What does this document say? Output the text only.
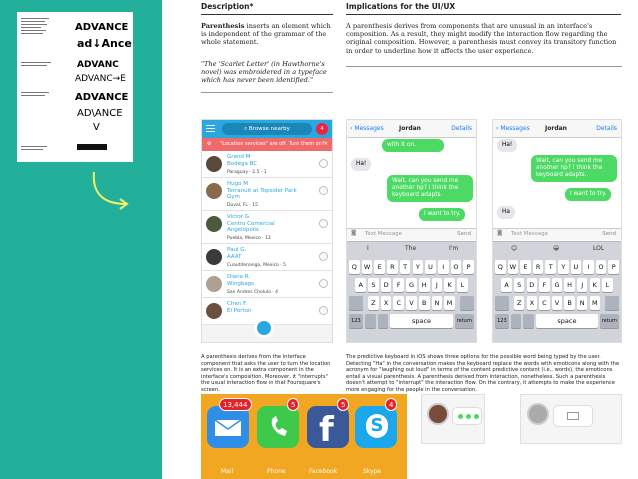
ADVANCE
ad↓Ance
ADVANC
ADVANC→E
ADVANCE
AD\ANCE
V
Description*	Implications for the UI/UX
Parenthesis inserts an element which is independent of the grammar of the whole statement.
"The 'Scarlet Letter' (in Hawthorne's novel) was embroidered in a typeface which has never been identified."
A parenthesis derives from components that are unusual in an interface's composition. As a result, they might modify the interaction flow regarding the original composition. However, a parenthesis must convey its transitory function in order to underline how it affects the user experience.
⌕ Browse nearby	4
⚙ "Location services" are off. Turn them on? ✕
Grand M
Bodega BC
Paraguay · 2.5 · 1
♡
Hugo M
Terranuit at Topsider Park
Gym
Duval, FL · 15
♡
Victor G.
Centro Comercial
Angelopolis
Puebla, Mexico · 13
♡
Paul G.
AAAT
Cuautitenango, Mexico · 5
♡
Diana R.
Wingbags
San Andres Cholula · 4
♡
Chen F.
El Porton	♡
‹ Messages	Jordan	Details
with it on.
Ha!
Wait, can you send me another hp? I think the keyboard adapts.
I want to try.
◙ Text Message	Send
I	The	I'm
Q	W	E	R	T	Y	U	I	O	P
A	S	D	F	G	H	J	K	L
Z	X	C	V	B	N	M
123	space	return
‹ Messages	Jordan	Details
Ha!
Wait, can you send me another hp? I think the keyboard adapts.
I want to try.
Ha
◙ Text Message	Send
😊	😀	LOL
Q	W	E	R	T	Y	U	I	O	P
A	S	D	F	G	H	J	K	L
Z	X	C	V	B	N	M
123	space	return
A parenthesis derives from the interface component that asks the user to turn the location services on. It is an extra component in the interface's composition. Moreover, it "interrupts" the usual interaction flow in that Foursquare's screen.
The predictive keyboard in iOS shows three options for the possible word being typed by the user. Detecting "Ha" in the conversation makes the keyboard replace the words with emoticons along with the acronym for "laughing out loud" in terms of the content predictive content (i.e., words), the emoticons entail a visual parenthesis. A parenthesis derived from interaction, nonetheless. Such a parenthesis doesn't attempt to "interrupt" the interaction flow. On the contrary, it attempts to make the experience more engaging for the people in the conversation.
13,444	5	5	4
Mail	Phone	Facebook	Skype
f S
